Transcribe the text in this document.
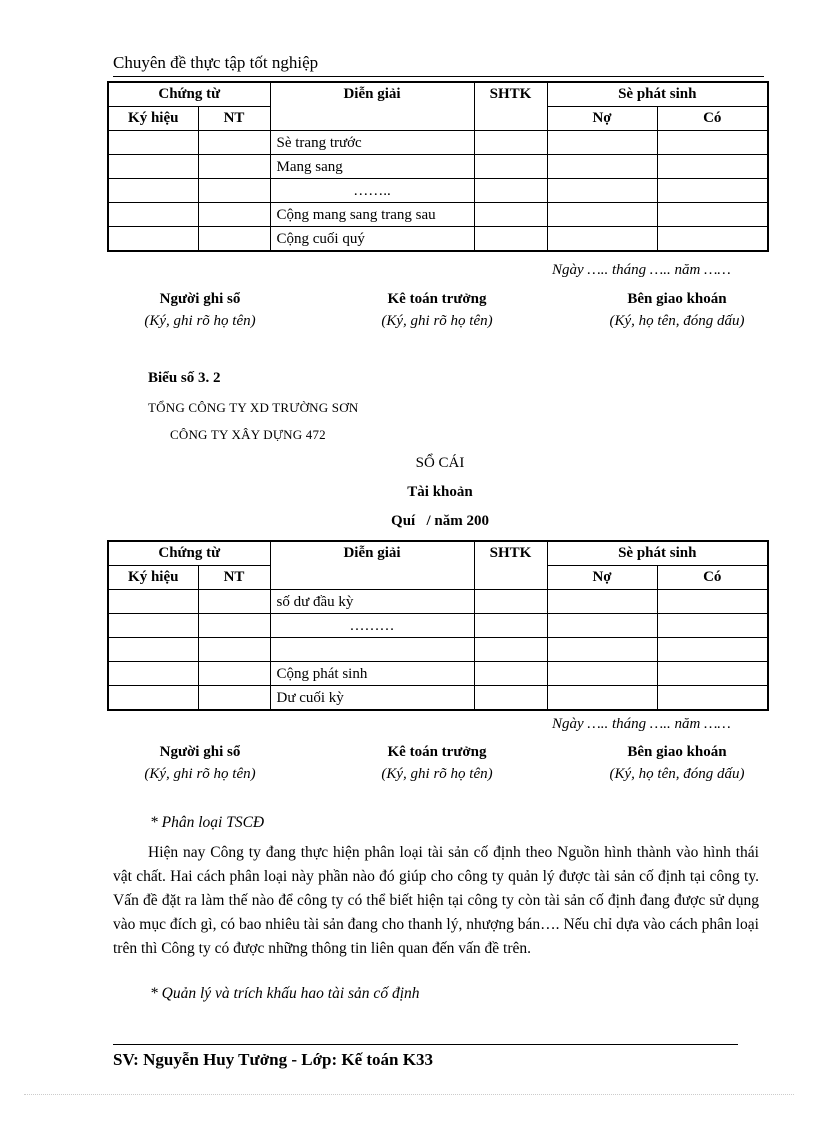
Chuyên đề thực tập tốt nghiệp
Chứng từ		Diễn giải	SHTK	Sè phát sinh	
Ký hiệu	NT			Nợ	Có
		Sè trang trước			
		Mang sang			
		……..			
		Cộng mang sang trang sau			
		Cộng cuối quý			
Ngày ….. tháng ….. năm ……
Người ghi sổ
(Ký, ghi rõ họ tên)
Kê toán trưởng
(Ký, ghi rõ họ tên)
Bên giao khoán
(Ký, họ tên, đóng dấu)
Biểu số 3. 2
TỔNG CÔNG TY XD TRƯỜNG SƠN
CÔNG TY XÂY DỰNG 472
SỔ CÁI
Tài khoản
Quí   / năm 200
Chứng từ		Diễn giải	SHTK	Sè phát sinh	
Ký hiệu	NT			Nợ	Có
		số dư đầu kỳ			
		………			

		Cộng phát sinh			
		Dư cuối kỳ			
Ngày ….. tháng ….. năm ……
Người ghi sổ
(Ký, ghi rõ họ tên)
Kê toán trưởng
(Ký, ghi rõ họ tên)
Bên giao khoán
(Ký, họ tên, đóng dấu)
* Phân loại TSCĐ
Hiện nay Công ty đang thực hiện phân loại tài sản cố định theo Nguồn hình thành vào hình thái vật chất. Hai cách phân loại này phần nào đó giúp cho công ty quản lý được tài sản cố định tại công ty. Vấn đề đặt ra làm thế nào để công ty có thể biết hiện tại công ty còn tài sản cố định đang được sử dụng vào mục đích gì, có bao nhiêu tài sản đang cho thanh lý, nhượng bán…. Nếu chỉ dựa vào cách phân loại trên thì Công ty có được những thông tin liên quan đến vấn đề trên.
* Quản lý và trích khấu hao tài sản cố định
SV: Nguyễn Huy Tưởng - Lớp: Kế toán K33
